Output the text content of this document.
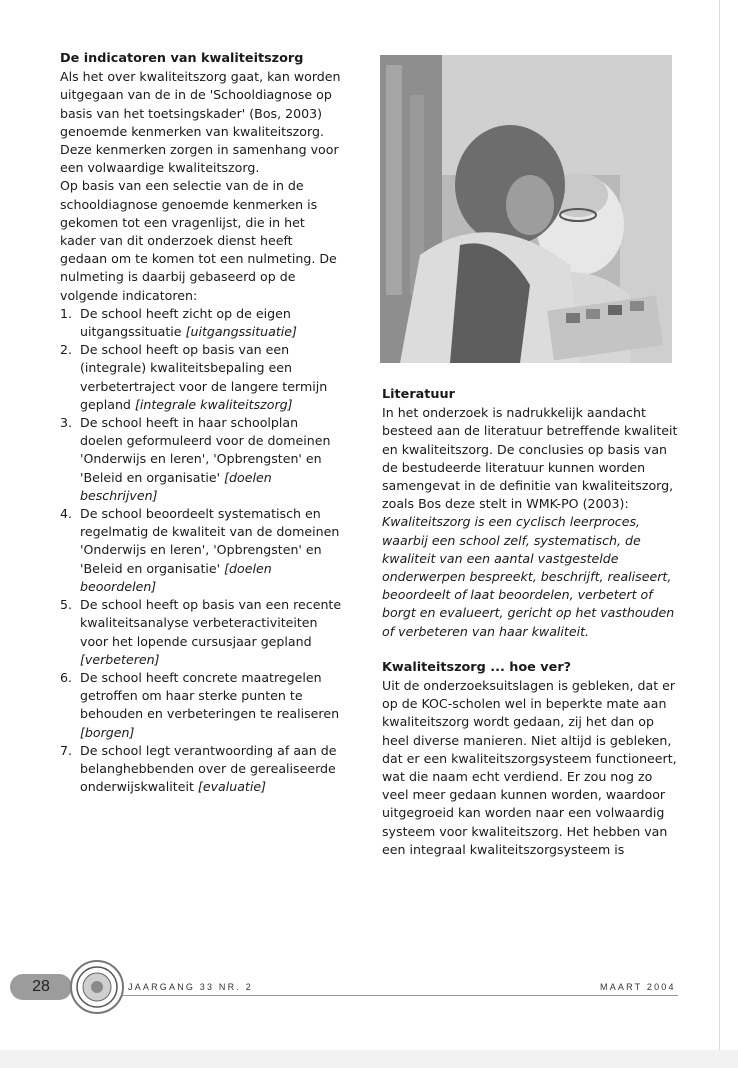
De indicatoren van kwaliteitszorg

Als het over kwaliteitszorg gaat, kan worden uitgegaan van de in de 'Schooldiagnose op basis van het toetsingskader' (Bos, 2003) genoemde kenmerken van kwaliteitszorg. Deze kenmerken zorgen in samenhang voor een volwaardige kwaliteitszorg.

Op basis van een selectie van de in de schooldiagnose genoemde kenmerken is gekomen tot een vragenlijst, die in het kader van dit onderzoek dienst heeft gedaan om te komen tot een nulmeting. De nulmeting is daarbij gebaseerd op de volgende indicatoren:

1. De school heeft zicht op de eigen uitgangssituatie [uitgangssituatie]
2. De school heeft op basis van een (integrale) kwaliteitsbepaling een verbetertraject voor de langere termijn gepland [integrale kwaliteitszorg]
3. De school heeft in haar schoolplan doelen geformuleerd voor de domeinen 'Onderwijs en leren', 'Opbrengsten' en 'Beleid en organisatie' [doelen beschrijven]
4. De school beoordeelt systematisch en regelmatig de kwaliteit van de domeinen 'Onderwijs en leren', 'Opbrengsten' en 'Beleid en organisatie' [doelen beoordelen]
5. De school heeft op basis van een recente kwaliteitsanalyse verbeteractiviteiten voor het lopende cursusjaar gepland [verbeteren]
6. De school heeft concrete maatregelen getroffen om haar sterke punten te behouden en verbeteringen te realiseren [borgen]
7. De school legt verantwoording af aan de belanghebbenden over de gerealiseerde onderwijskwaliteit [evaluatie]
Literatuur

In het onderzoek is nadrukkelijk aandacht besteed aan de literatuur betreffende kwaliteit en kwaliteitszorg. De conclusies op basis van de bestudeerde literatuur kunnen worden samengevat in de definitie van kwaliteitszorg, zoals Bos deze stelt in WMK-PO (2003):

Kwaliteitszorg is een cyclisch leerproces, waarbij een school zelf, systematisch, de kwaliteit van een aantal vastgestelde onderwerpen bespreekt, beschrijft, realiseert, beoordeelt of laat beoordelen, verbetert of borgt en evalueert, gericht op het vasthouden of verbeteren van haar kwaliteit.

Kwaliteitszorg ... hoe ver?

Uit de onderzoeksuitslagen is gebleken, dat er op de KOC-scholen wel in beperkte mate aan kwaliteitszorg wordt gedaan, zij het dan op heel diverse manieren. Niet altijd is gebleken, dat er een kwaliteitszorgsysteem functioneert, wat die naam echt verdiend. Er zou nog zo veel meer gedaan kunnen worden, waardoor uitgegroeid kan worden naar een volwaardig systeem voor kwaliteitszorg. Het hebben van een integraal kwaliteitszorgsysteem is

28	JAARGANG 33 NR. 2	MAART 2004
